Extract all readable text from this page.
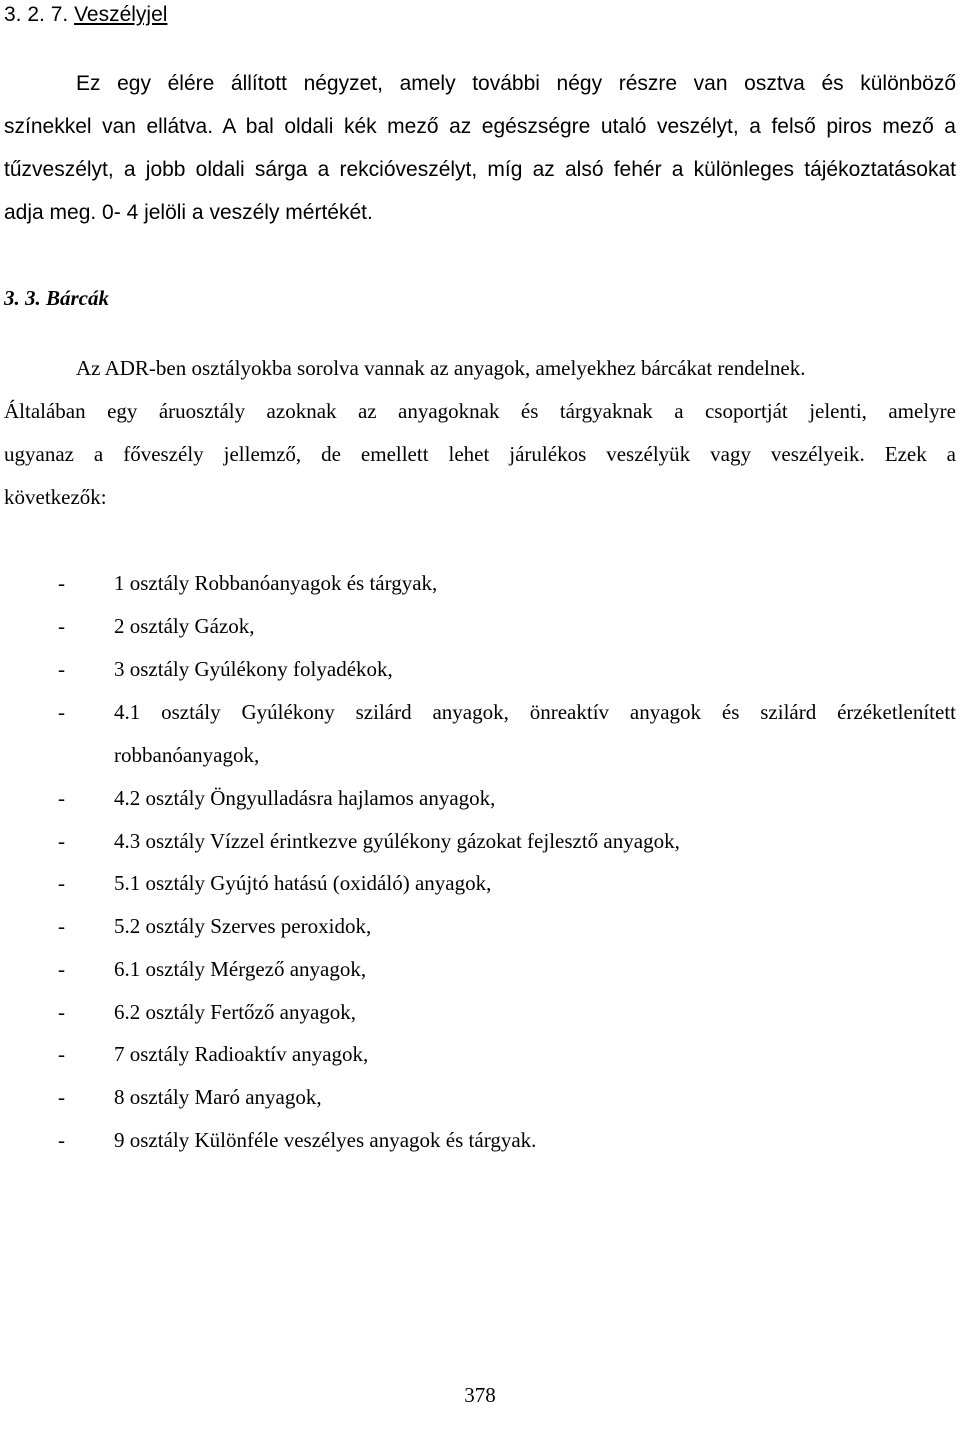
3. 2. 7. Veszélyjel
Ez egy élére állított négyzet, amely további négy részre van osztva és különböző
színekkel van ellátva. A bal oldali kék mező az egészségre utaló veszélyt, a felső piros mező a
tűzveszélyt, a jobb oldali sárga a rekcióveszélyt, míg az alsó fehér a különleges tájékoztatásokat
adja meg. 0- 4 jelöli a veszély mértékét.
3. 3. Bárcák
Az ADR-ben osztályokba sorolva vannak az anyagok, amelyekhez bárcákat rendelnek.
Általában egy áruosztály azoknak az anyagoknak és tárgyaknak a csoportját jelenti, amelyre
ugyanaz a főveszély jellemző, de emellett lehet járulékos veszélyük vagy veszélyeik. Ezek a
következők:
- 1 osztály Robbanóanyagok és tárgyak,
- 2 osztály Gázok,
- 3 osztály Gyúlékony folyadékok,
- 4.1 osztály Gyúlékony szilárd anyagok, önreaktív anyagok és szilárd érzéketlenített
robbanóanyagok,
- 4.2 osztály Öngyulladásra hajlamos anyagok,
- 4.3 osztály Vízzel érintkezve gyúlékony gázokat fejlesztő anyagok,
- 5.1 osztály Gyújtó hatású (oxidáló) anyagok,
- 5.2 osztály Szerves peroxidok,
- 6.1 osztály Mérgező anyagok,
- 6.2 osztály Fertőző anyagok,
- 7 osztály Radioaktív anyagok,
- 8 osztály Maró anyagok,
- 9 osztály Különféle veszélyes anyagok és tárgyak.
378
